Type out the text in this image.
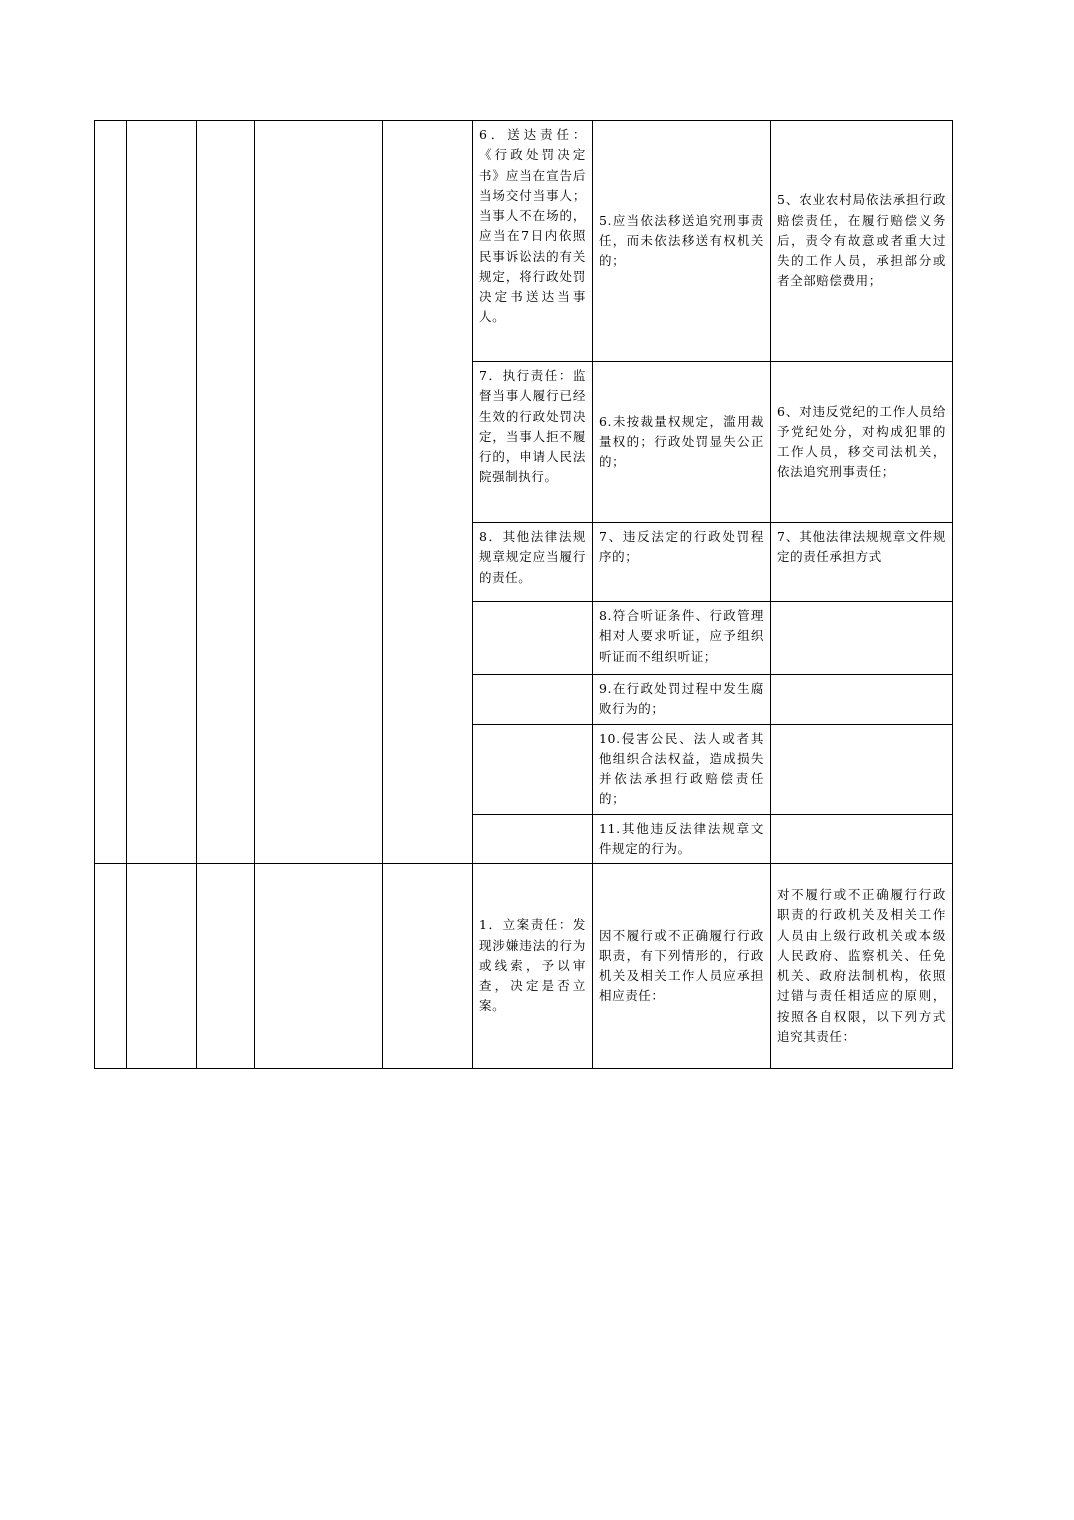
					6．送达责任：《行政处罚决定书》应当在宣告后当场交付当事人；当事人不在场的，应当在7日内依照民事诉讼法的有关规定，将行政处罚决定书送达当事人。	5.应当依法移送追究刑事责任，而未依法移送有权机关的；	5、农业农村局依法承担行政赔偿责任，在履行赔偿义务后，责令有故意或者重大过失的工作人员，承担部分或者全部赔偿费用；
					7．执行责任：监督当事人履行已经生效的行政处罚决定，当事人拒不履行的，申请人民法院强制执行。	6.未按裁量权规定，滥用裁量权的；行政处罚显失公正的；	6、对违反党纪的工作人员给予党纪处分，对构成犯罪的工作人员，移交司法机关，依法追究刑事责任；
					8．其他法律法规规章规定应当履行的责任。	7、违反法定的行政处罚程序的；	7、其他法律法规规章文件规定的责任承担方式
						8.符合听证条件、行政管理相对人要求听证，应予组织听证而不组织听证；	
						9.在行政处罚过程中发生腐败行为的；	
						10.侵害公民、法人或者其他组织合法权益，造成损失并依法承担行政赔偿责任的；	
						11.其他违反法律法规章文件规定的行为。	
					1．立案责任：发现涉嫌违法的行为或线索，予以审查，决定是否立案。	因不履行或不正确履行行政职责，有下列情形的，行政机关及相关工作人员应承担相应责任：	对不履行或不正确履行行政职责的行政机关及相关工作人员由上级行政机关或本级人民政府、监察机关、任免机关、政府法制机构，依照过错与责任相适应的原则，按照各自权限，以下列方式追究其责任：
